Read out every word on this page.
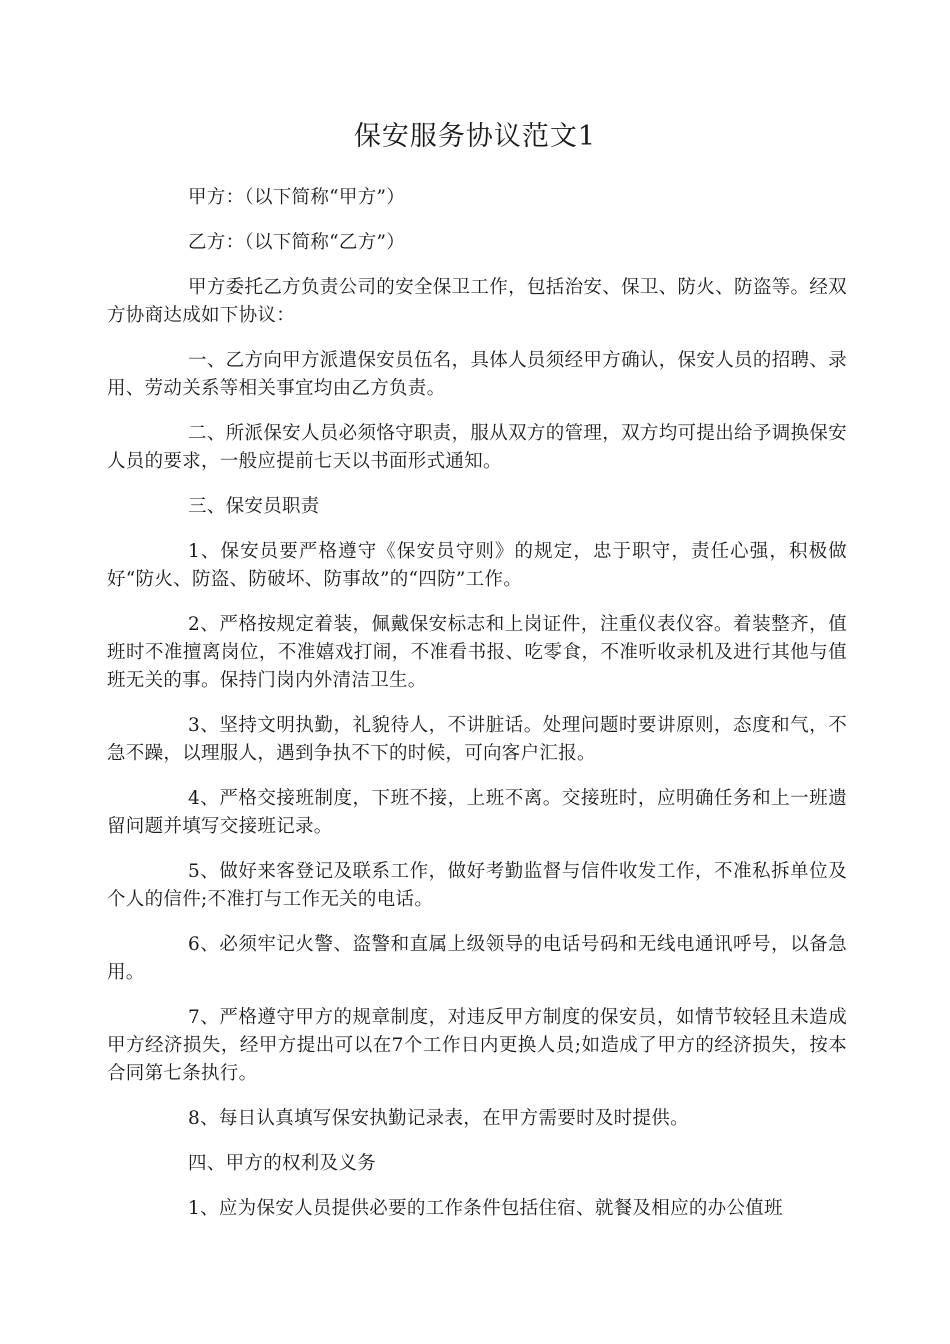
保安服务协议范文1

甲方：（以下简称“甲方”）

乙方：（以下简称“乙方”）

甲方委托乙方负责公司的安全保卫工作，包括治安、保卫、防火、防盗等。经双方协商达成如下协议：

一、乙方向甲方派遣保安员伍名，具体人员须经甲方确认，保安人员的招聘、录用、劳动关系等相关事宜均由乙方负责。

二、所派保安人员必须恪守职责，服从双方的管理，双方均可提出给予调换保安人员的要求，一般应提前七天以书面形式通知。

三、保安员职责

1、保安员要严格遵守《保安员守则》的规定，忠于职守，责任心强，积极做好“防火、防盗、防破坏、防事故”的“四防”工作。

2、严格按规定着装，佩戴保安标志和上岗证件，注重仪表仪容。着装整齐，值班时不准擅离岗位，不准嬉戏打闹，不准看书报、吃零食，不准听收录机及进行其他与值班无关的事。保持门岗内外清洁卫生。

3、坚持文明执勤，礼貌待人，不讲脏话。处理问题时要讲原则，态度和气，不急不躁，以理服人，遇到争执不下的时候，可向客户汇报。

4、严格交接班制度，下班不接，上班不离。交接班时，应明确任务和上一班遗留问题并填写交接班记录。

5、做好来客登记及联系工作，做好考勤监督与信件收发工作，不准私拆单位及个人的信件;不准打与工作无关的电话。

6、必须牢记火警、盗警和直属上级领导的电话号码和无线电通讯呼号，以备急用。

7、严格遵守甲方的规章制度，对违反甲方制度的保安员，如情节较轻且未造成甲方经济损失，经甲方提出可以在7个工作日内更换人员;如造成了甲方的经济损失，按本合同第七条执行。

8、每日认真填写保安执勤记录表，在甲方需要时及时提供。

四、甲方的权利及义务

1、应为保安人员提供必要的工作条件包括住宿、就餐及相应的办公值班
